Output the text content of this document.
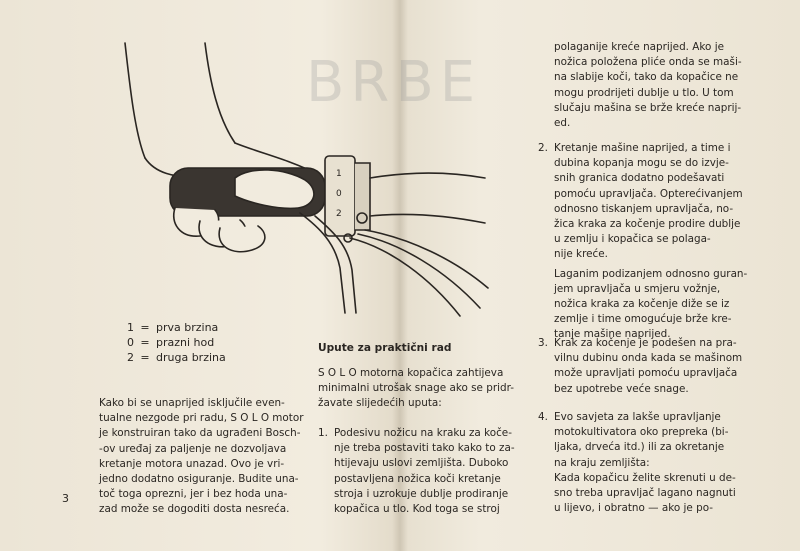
BRBE
1
0
2
1 = prva brzina
0 = prazni hod
2 = druga brzina
Kako bi se unaprijed isključile even-
tualne nezgode pri radu, S O L O motor
je konstruiran tako da ugrađeni Bosch-
-ov uređaj za paljenje ne dozvoljava
kretanje motora unazad. Ovo je vri-
jedno dodatno osiguranje. Budite una-
toč toga oprezni, jer i bez hoda una-
zad može se dogoditi dosta nesreća.
3
Upute za praktični rad
S O L O motorna kopačica zahtijeva
minimalni utrošak snage ako se pridr-
žavate slijedećih uputa:
1. Podesivu nožicu na kraku za koče-
nje treba postaviti tako kako to za-
htijevaju uslovi zemljišta. Duboko
postavljena nožica koči kretanje
stroja i uzrokuje dublje prodiranje
kopačica u tlo. Kod toga se stroj
polaganije kreće naprijed. Ako je
nožica položena pliće onda se maši-
na slabije koči, tako da kopačice ne
mogu prodrijeti dublje u tlo. U tom
slučaju mašina se brže kreće naprij-
ed.
2. Kretanje mašine naprijed, a time i
dubina kopanja mogu se do izvje-
snih granica dodatno podešavati
pomoću upravljača. Opterećivanjem
odnosno tiskanjem upravljača, no-
žica kraka za kočenje prodire dublje
u zemlju i kopačica se polaga-
nije kreće.
Laganim podizanjem odnosno guran-
jem upravljača u smjeru vožnje,
nožica kraka za kočenje diže se iz
zemlje i time omogućuje brže kre-
tanje mašine naprijed.
3. Krak za kočenje je podešen na pra-
vilnu dubinu onda kada se mašinom
može upravljati pomoću upravljača
bez upotrebe veće snage.
4. Evo savjeta za lakše upravljanje
motokultivatora oko prepreka (bi-
ljaka, drveća itd.) ili za okretanje
na kraju zemljišta:
Kada kopačicu želite skrenuti u de-
sno treba upravljač lagano nagnuti
u lijevo, i obratno — ako je po-
